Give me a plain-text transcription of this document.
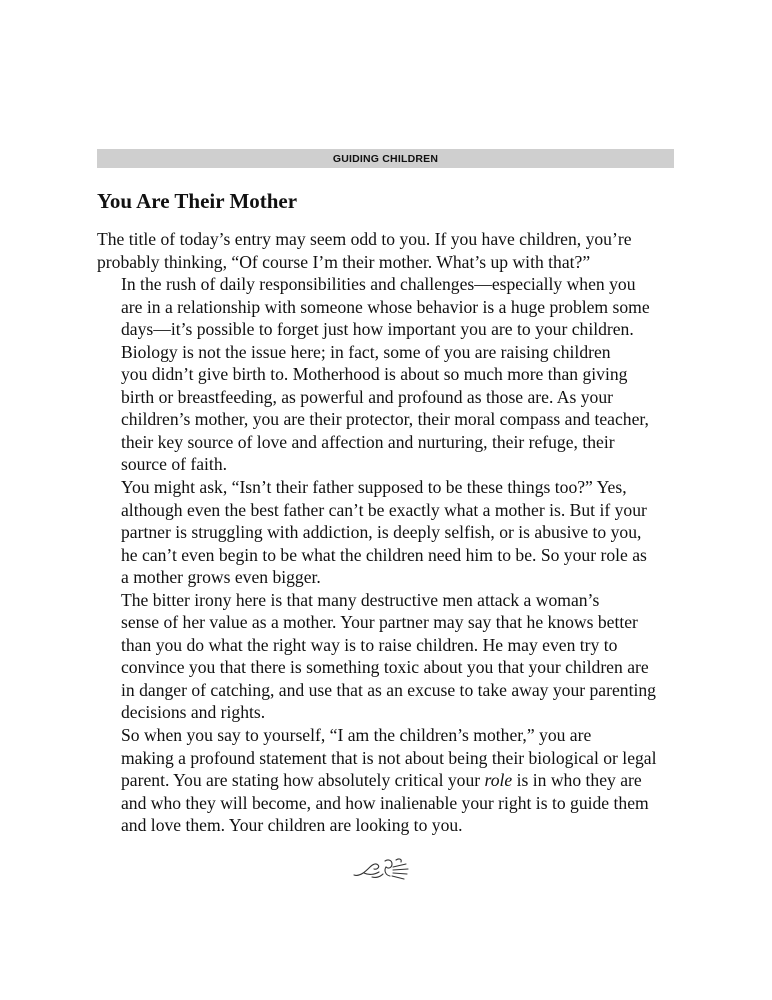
GUIDING CHILDREN
You Are Their Mother

The title of today’s entry may seem odd to you. If you have children, you’re
probably thinking, “Of course I’m their mother. What’s up with that?”

In the rush of daily responsibilities and challenges—especially when you
are in a relationship with someone whose behavior is a huge problem some
days—it’s possible to forget just how important you are to your children.

Biology is not the issue here; in fact, some of you are raising children
you didn’t give birth to. Motherhood is about so much more than giving
birth or breastfeeding, as powerful and profound as those are. As your
children’s mother, you are their protector, their moral compass and teacher,
their key source of love and affection and nurturing, their refuge, their
source of faith.

You might ask, “Isn’t their father supposed to be these things too?” Yes,
although even the best father can’t be exactly what a mother is. But if your
partner is struggling with addiction, is deeply selfish, or is abusive to you,
he can’t even begin to be what the children need him to be. So your role as
a mother grows even bigger.

The bitter irony here is that many destructive men attack a woman’s
sense of her value as a mother. Your partner may say that he knows better
than you do what the right way is to raise children. He may even try to
convince you that there is something toxic about you that your children are
in danger of catching, and use that as an excuse to take away your parenting
decisions and rights.

So when you say to yourself, “I am the children’s mother,” you are
making a profound statement that is not about being their biological or legal
parent. You are stating how absolutely critical your role is in who they are
and who they will become, and how inalienable your right is to guide them
and love them. Your children are looking to you.
